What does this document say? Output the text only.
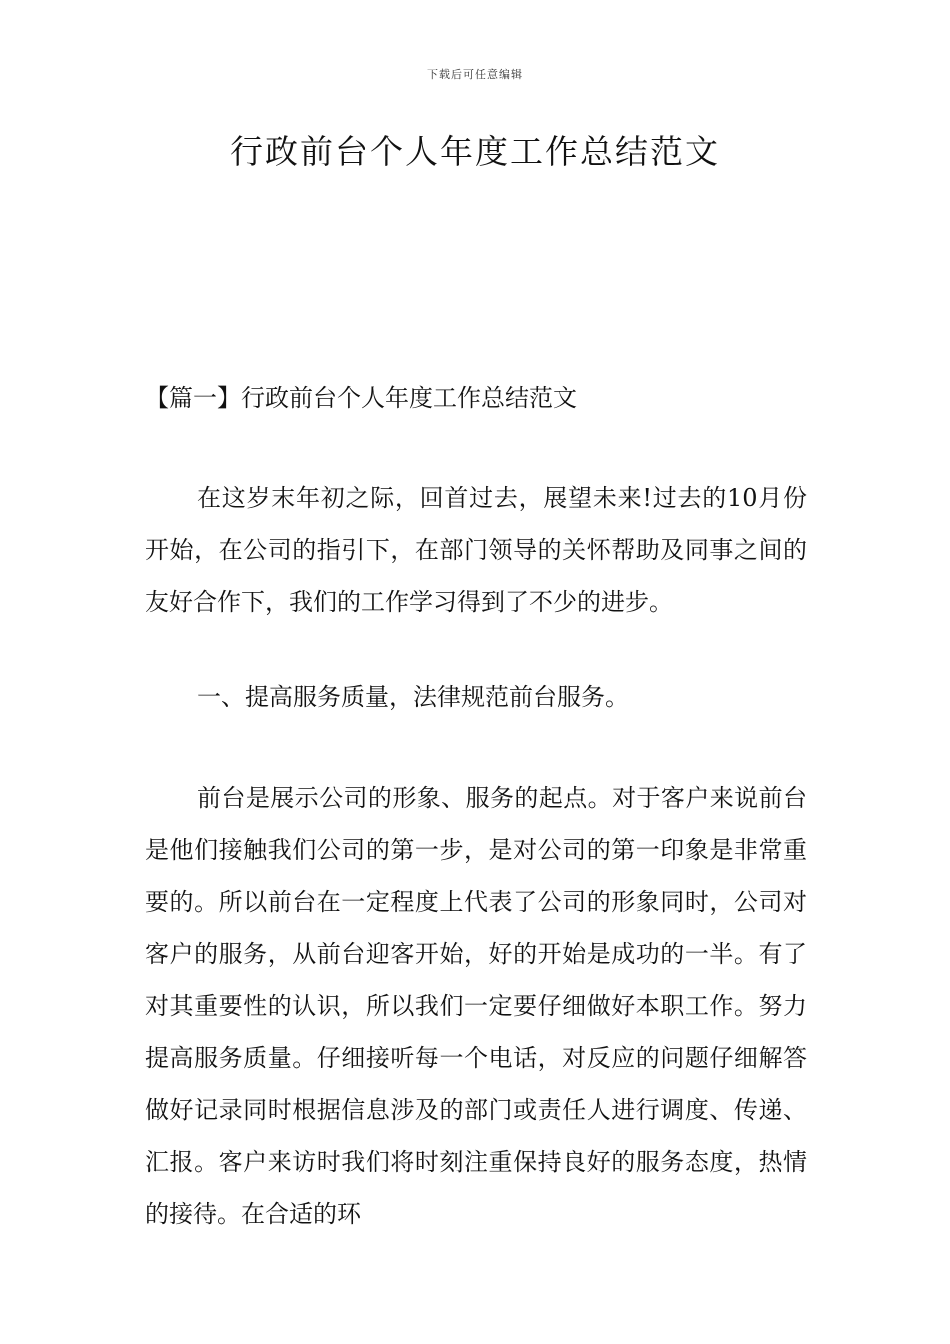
下载后可任意编辑
行政前台个人年度工作总结范文
【篇一】行政前台个人年度工作总结范文

在这岁末年初之际，回首过去，展望未来!过去的10月份开始，在公司的指引下，在部门领导的关怀帮助及同事之间的友好合作下，我们的工作学习得到了不少的进步。

一、提高服务质量，法律规范前台服务。

前台是展示公司的形象、服务的起点。对于客户来说前台是他们接触我们公司的第一步，是对公司的第一印象是非常重要的。所以前台在一定程度上代表了公司的形象同时，公司对客户的服务，从前台迎客开始，好的开始是成功的一半。有了对其重要性的认识，所以我们一定要仔细做好本职工作。努力提高服务质量。仔细接听每一个电话，对反应的问题仔细解答做好记录同时根据信息涉及的部门或责任人进行调度、传递、汇报。客户来访时我们将时刻注重保持良好的服务态度，热情的接待。在合适的环
